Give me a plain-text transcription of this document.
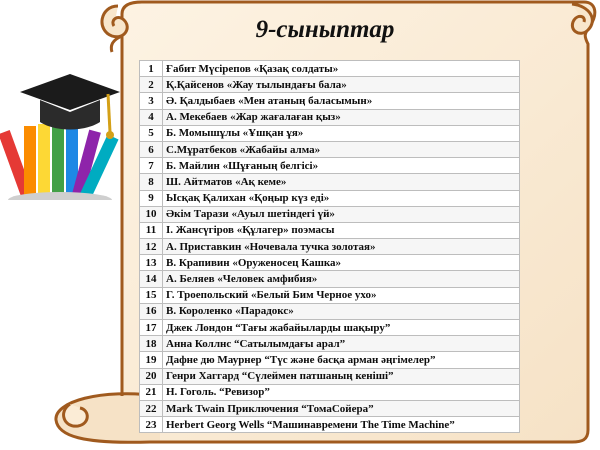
9-сыныптар
1	Ғабит Мүсірепов «Қазақ солдаты»
2	Қ.Қайсенов «Жау тылындағы бала»
3	Ә. Қалдыбаев «Мен атаның баласымын»
4	А. Мекебаев «Жар жағалаған қыз»
5	Б. Момышұлы «Ұшқан ұя»
6	С.Мұратбеков «Жабайы алма»
7	Б. Майлин «Шұғаның белгісі»
8	Ш. Айтматов «Ақ кеме»
9	Ысқақ Қалихан «Қоңыр күз еді»
10	Әкім Тарази «Ауыл шетіндегі үй»
11	І. Жансүгіров «Құлагер» поэмасы
12	А. Приставкин «Ночевала тучка золотая»
13	В. Крапивин «Оруженосец Кашка»
14	А. Беляев «Человек амфибия»
15	Г. Троепольский «Белый Бим Черное ухо»
16	В. Короленко «Парадокс»
17	Джек Лондон “Тағы жабайыларды шақыру”
18	Анна Коллнс “Сатылымдағы арал”
19	Дафне дю Маурнер “Түс және басқа арман әңгімелер”
20	Генри Хаггард “Сүлеймен патшаның кеніші”
21	Н. Гоголь. “Ревизор”
22	Mark Twain Приключения “ТомаСойера”
23	Herbert Georg Wells “Машинавремени The Time Machine”
